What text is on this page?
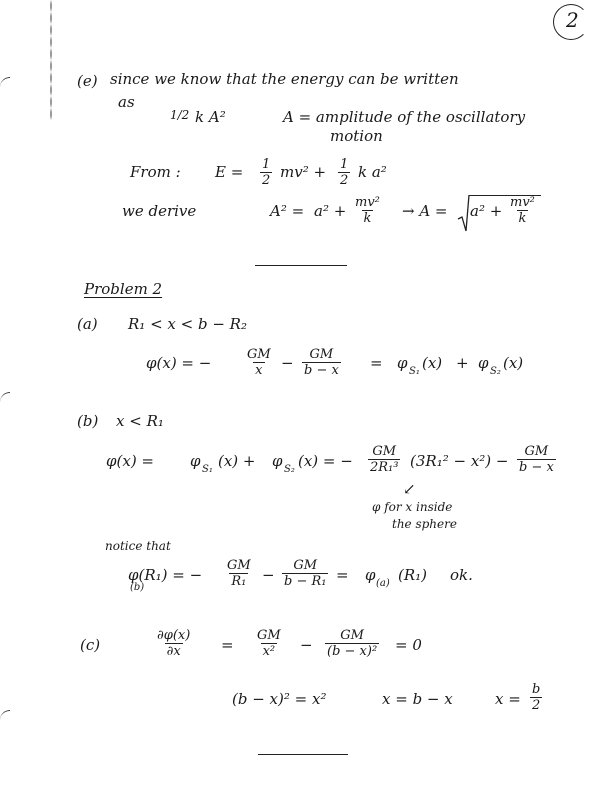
2
(e) since we know that the energy can be written
as
1/2 k A²	A = amplitude of the oscillatory
motion
From : $E = \frac{1}{2} mv^2 + \frac{1}{2}$ k a²
we derive	$A^2 = a^2 + \frac{\text{mv²}}{k} \to A = a^2 + \frac{\text{mv²}}{k}$
Problem 2
(a) R₁ < x < b − R₂
φ(x) = −	$\frac{GM}{x} - \frac{GM}{b - x} = \varphi$ S₁ (x) + φ S₂ (x)
(b) x < R₁
φ(x) = φ S₁ (x) + φ S₂ (x) = − $\frac{GM}{\text{2R₁³}} (3R_1^2 - x^2) - \frac{GM}{b - x}$
↙
φ for x inside
the sphere
notice that
φ(R₁) = −
(b)	$\frac{GM}{\text{R₁}} - \frac{GM}{\text{b − R₁}} = \varphi$ (a) (R₁) ok.
(c)	$\frac{\partial\varphi(x)}{\partial x} = \frac{GM}{\text{x²}} - \frac{GM}{\text{(b − x)²}} = 0$
(b − x)² = x²	x = b − x	$x = \frac{b}{2}$
